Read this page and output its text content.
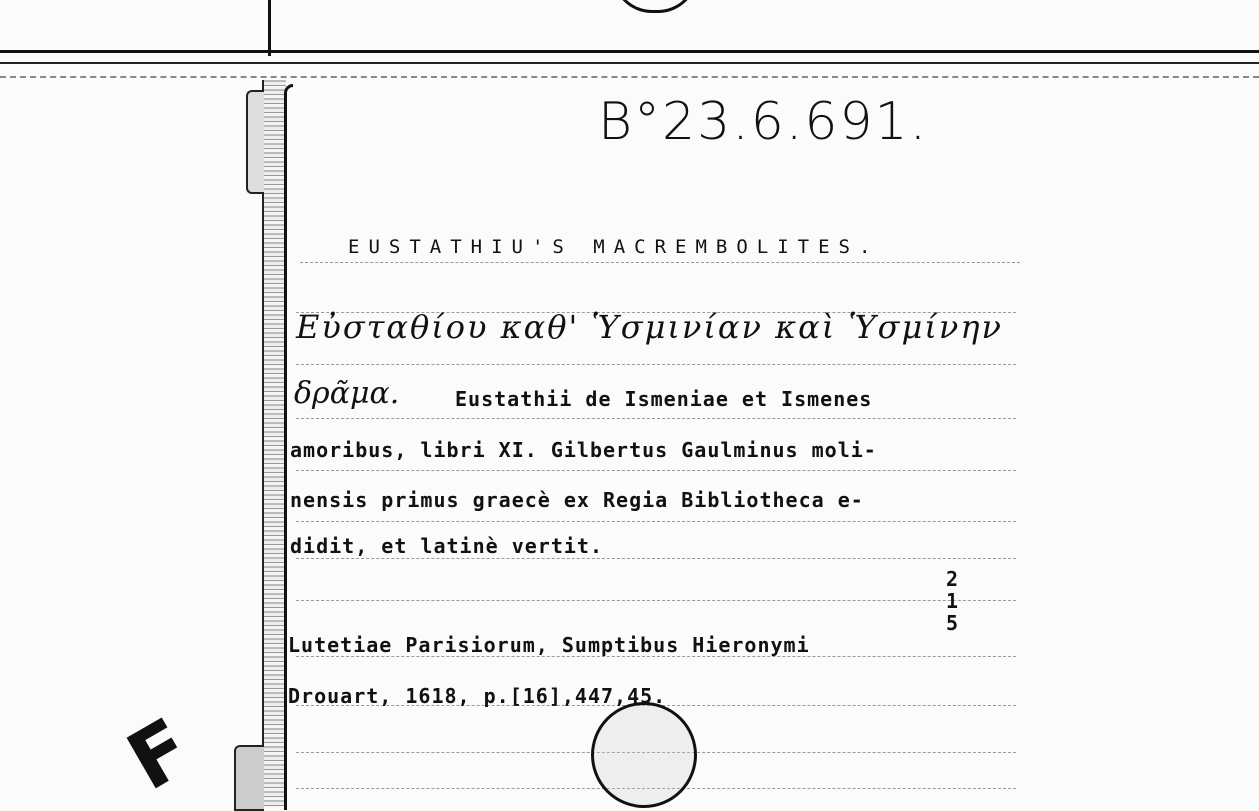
B°23.6.691.
EUSTATHIU'S MACREMBOLITES.
Εὐσταθίου καθ' Ὑσμινίαν καὶ Ὑσμίνην
δρᾶμα.	Eustathii de Ismeniae et Ismenes
amoribus, libri XI. Gilbertus Gaulminus moli-
nensis primus graecè ex Regia Bibliotheca e-
didit, et latinè vertit.
2
1
5
Lutetiae Parisiorum, Sumptibus Hieronymi
Drouart, 1618, p.[16],447,45.
F
